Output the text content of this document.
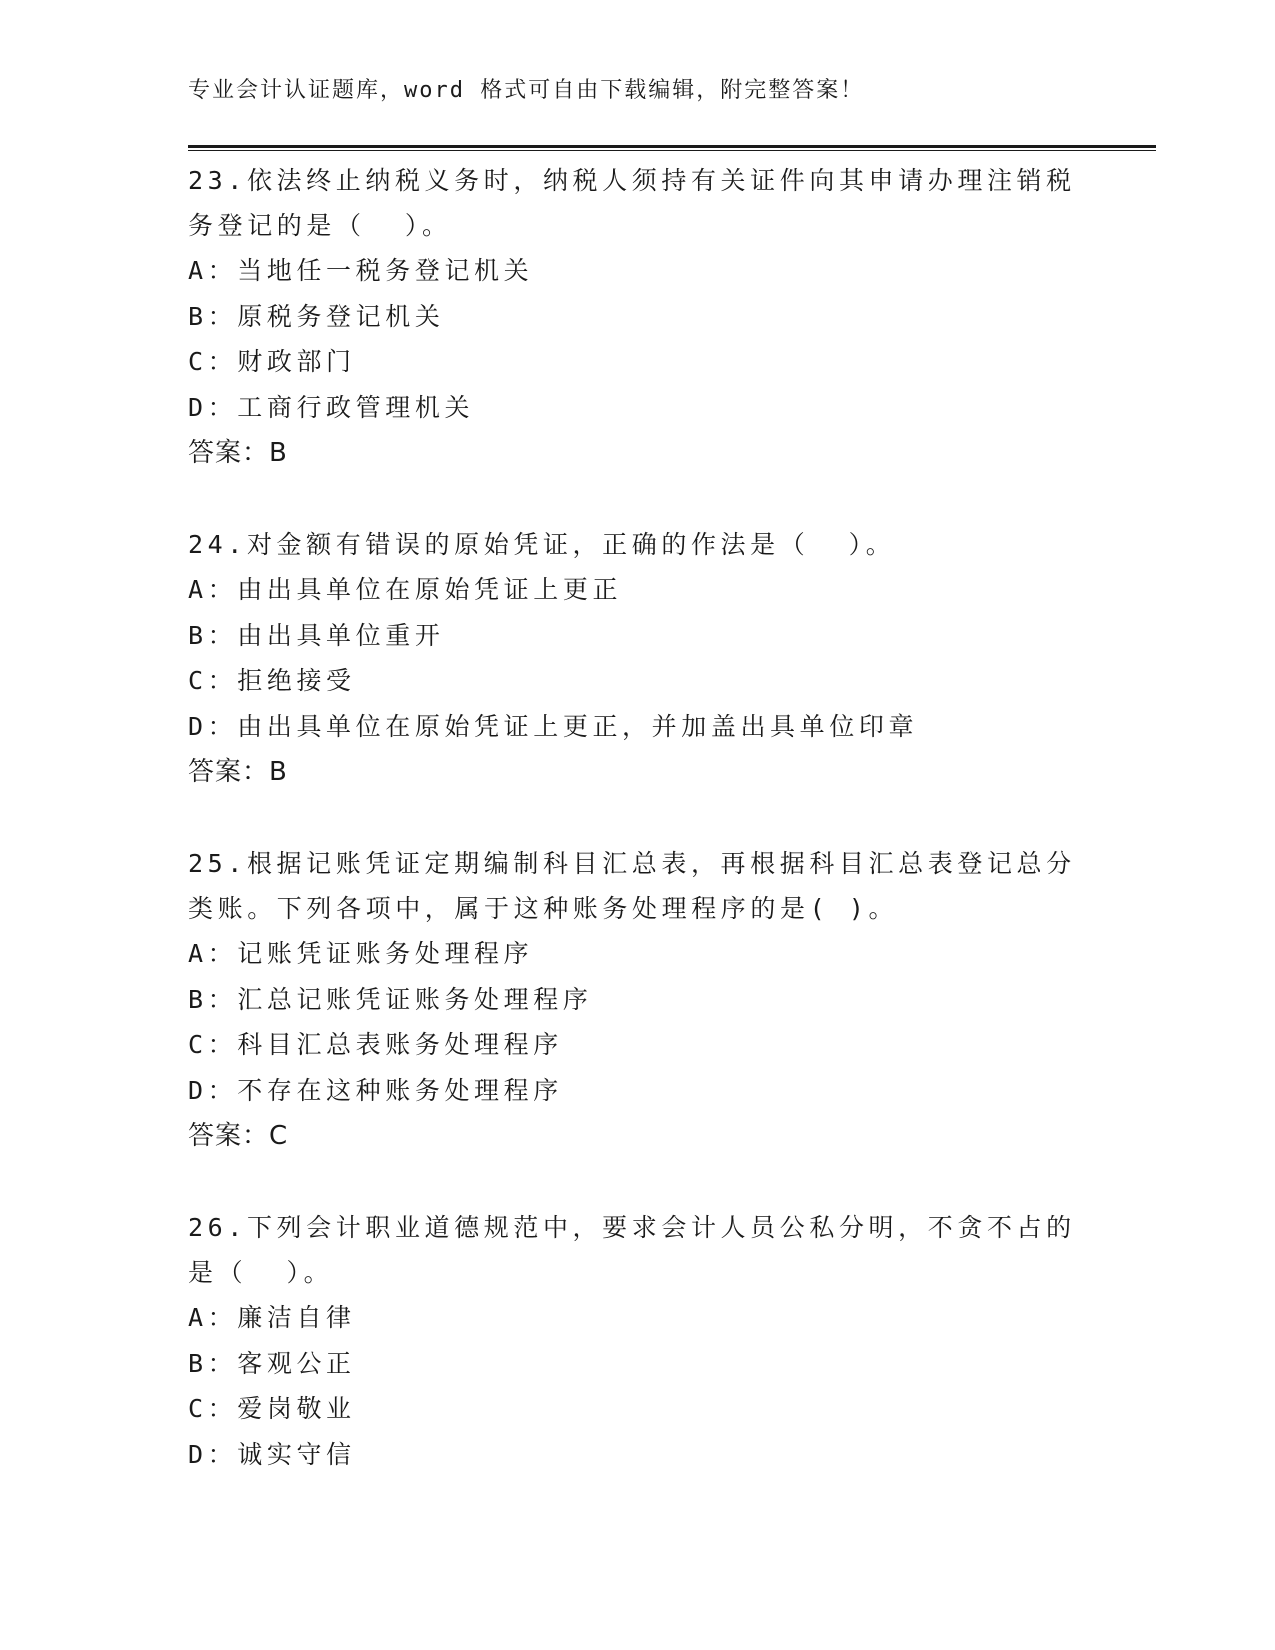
专业会计认证题库，word 格式可自由下载编辑，附完整答案！

23.依法终止纳税义务时，纳税人须持有关证件向其申请办理注销税务登记的是（  ）。

A：当地任一税务登记机关

B：原税务登记机关

C：财政部门

D：工商行政管理机关

答案：B

24.对金额有错误的原始凭证，正确的作法是（  ）。

A：由出具单位在原始凭证上更正

B：由出具单位重开

C：拒绝接受

D：由出具单位在原始凭证上更正，并加盖出具单位印章

答案：B

25.根据记账凭证定期编制科目汇总表，再根据科目汇总表登记总分类账。下列各项中，属于这种账务处理程序的是( )。

A：记账凭证账务处理程序

B：汇总记账凭证账务处理程序

C：科目汇总表账务处理程序

D：不存在这种账务处理程序

答案：C

26.下列会计职业道德规范中，要求会计人员公私分明，不贪不占的是（  ）。

A：廉洁自律

B：客观公正

C：爱岗敬业

D：诚实守信
